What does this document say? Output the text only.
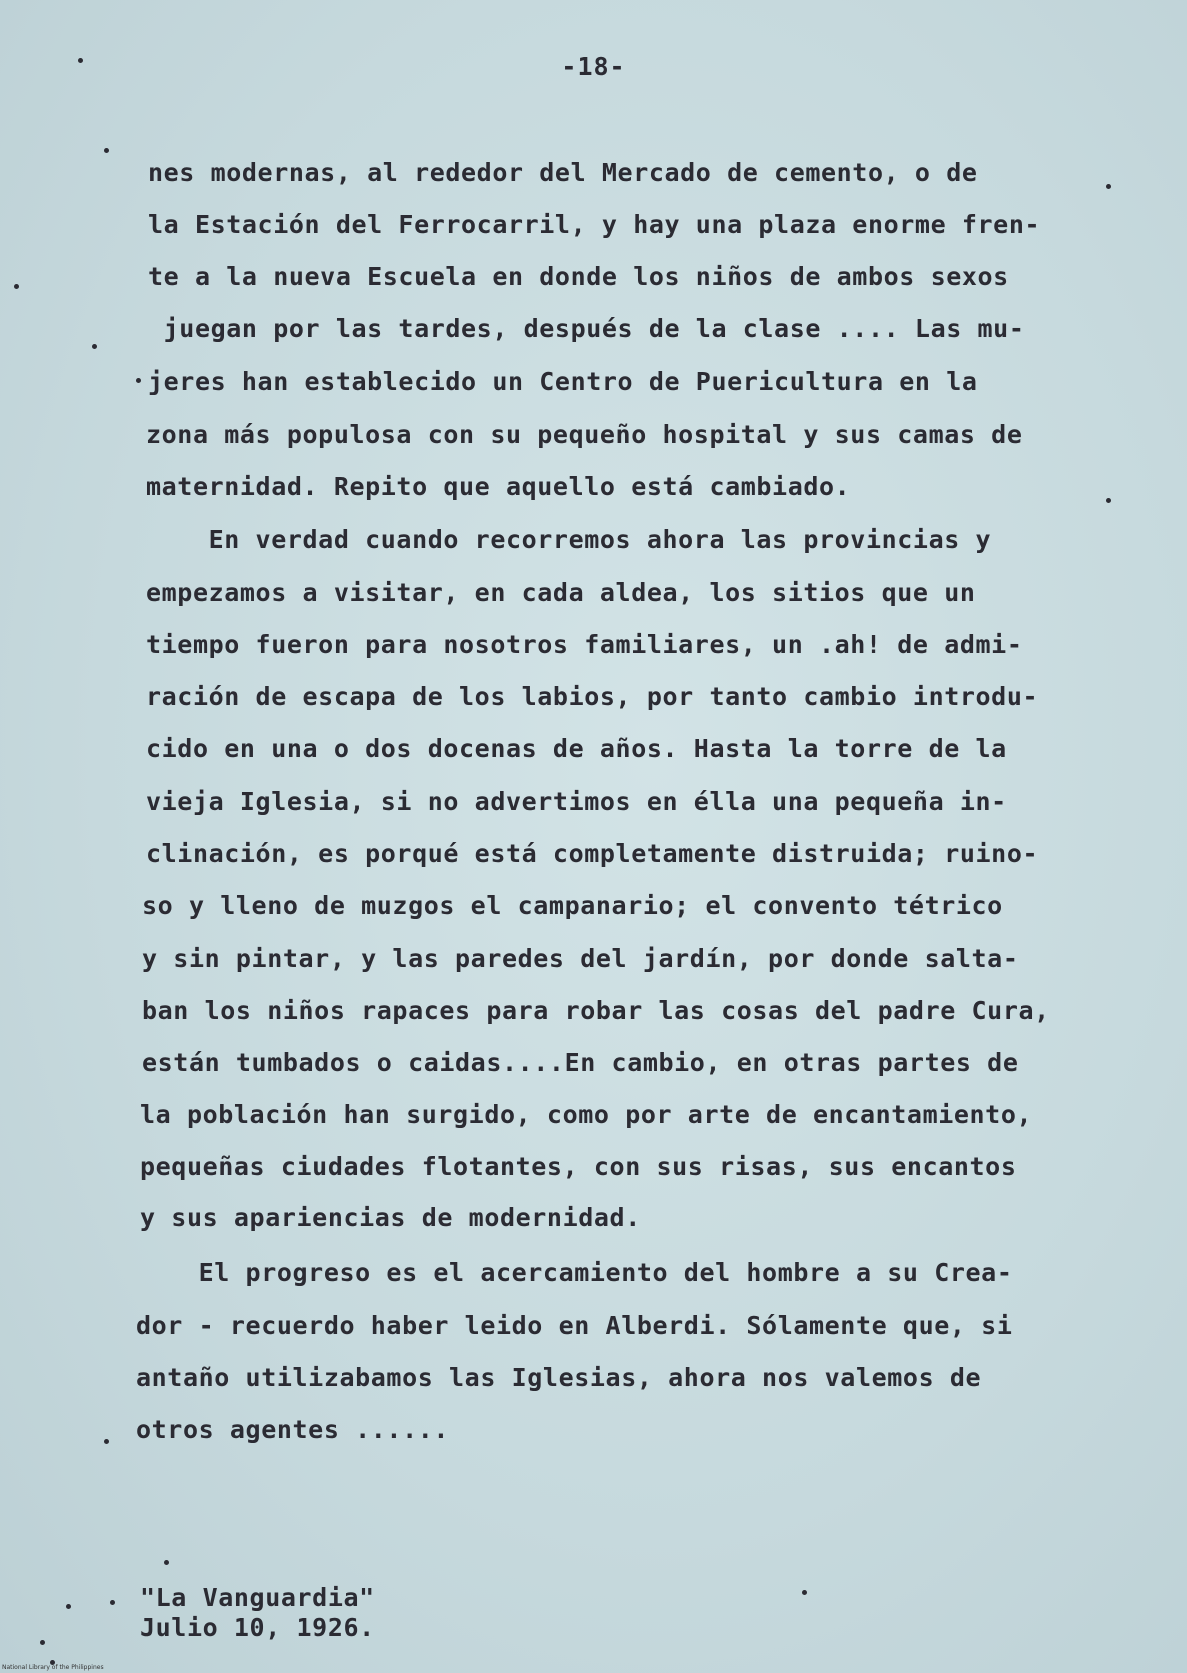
-18-
nes modernas, al rededor del Mercado de cemento, o de
la Estación del Ferrocarril, y hay una plaza enorme fren-
te a la nueva Escuela en donde los niños de ambos sexos
juegan por las tardes, después de la clase .... Las mu-
jeres han establecido un Centro de Puericultura en la
zona más populosa con su pequeño hospital y sus camas de
maternidad. Repito que aquello está cambiado.
En verdad cuando recorremos ahora las provincias y
empezamos a visitar, en cada aldea, los sitios que un
tiempo fueron para nosotros familiares, un .ah! de admi-
ración de escapa de los labios, por tanto cambio introdu-
cido en una o dos docenas de años. Hasta la torre de la
vieja Iglesia, si no advertimos en élla una pequeña in-
clinación, es porqué está completamente distruida; ruino-
so y lleno de muzgos el campanario; el convento tétrico
y sin pintar, y las paredes del jardín, por donde salta-
ban los niños rapaces para robar las cosas del padre Cura,
están tumbados o caidas....En cambio, en otras partes de
la población han surgido, como por arte de encantamiento,
pequeñas ciudades flotantes, con sus risas, sus encantos
y sus apariencias de modernidad.
El progreso es el acercamiento del hombre a su Crea-
dor - recuerdo haber leido en Alberdi. Sólamente que, si
antaño utilizabamos las Iglesias, ahora nos valemos de
otros agentes ......
"La Vanguardia"
Julio 10, 1926.
National Library of the Philippines
